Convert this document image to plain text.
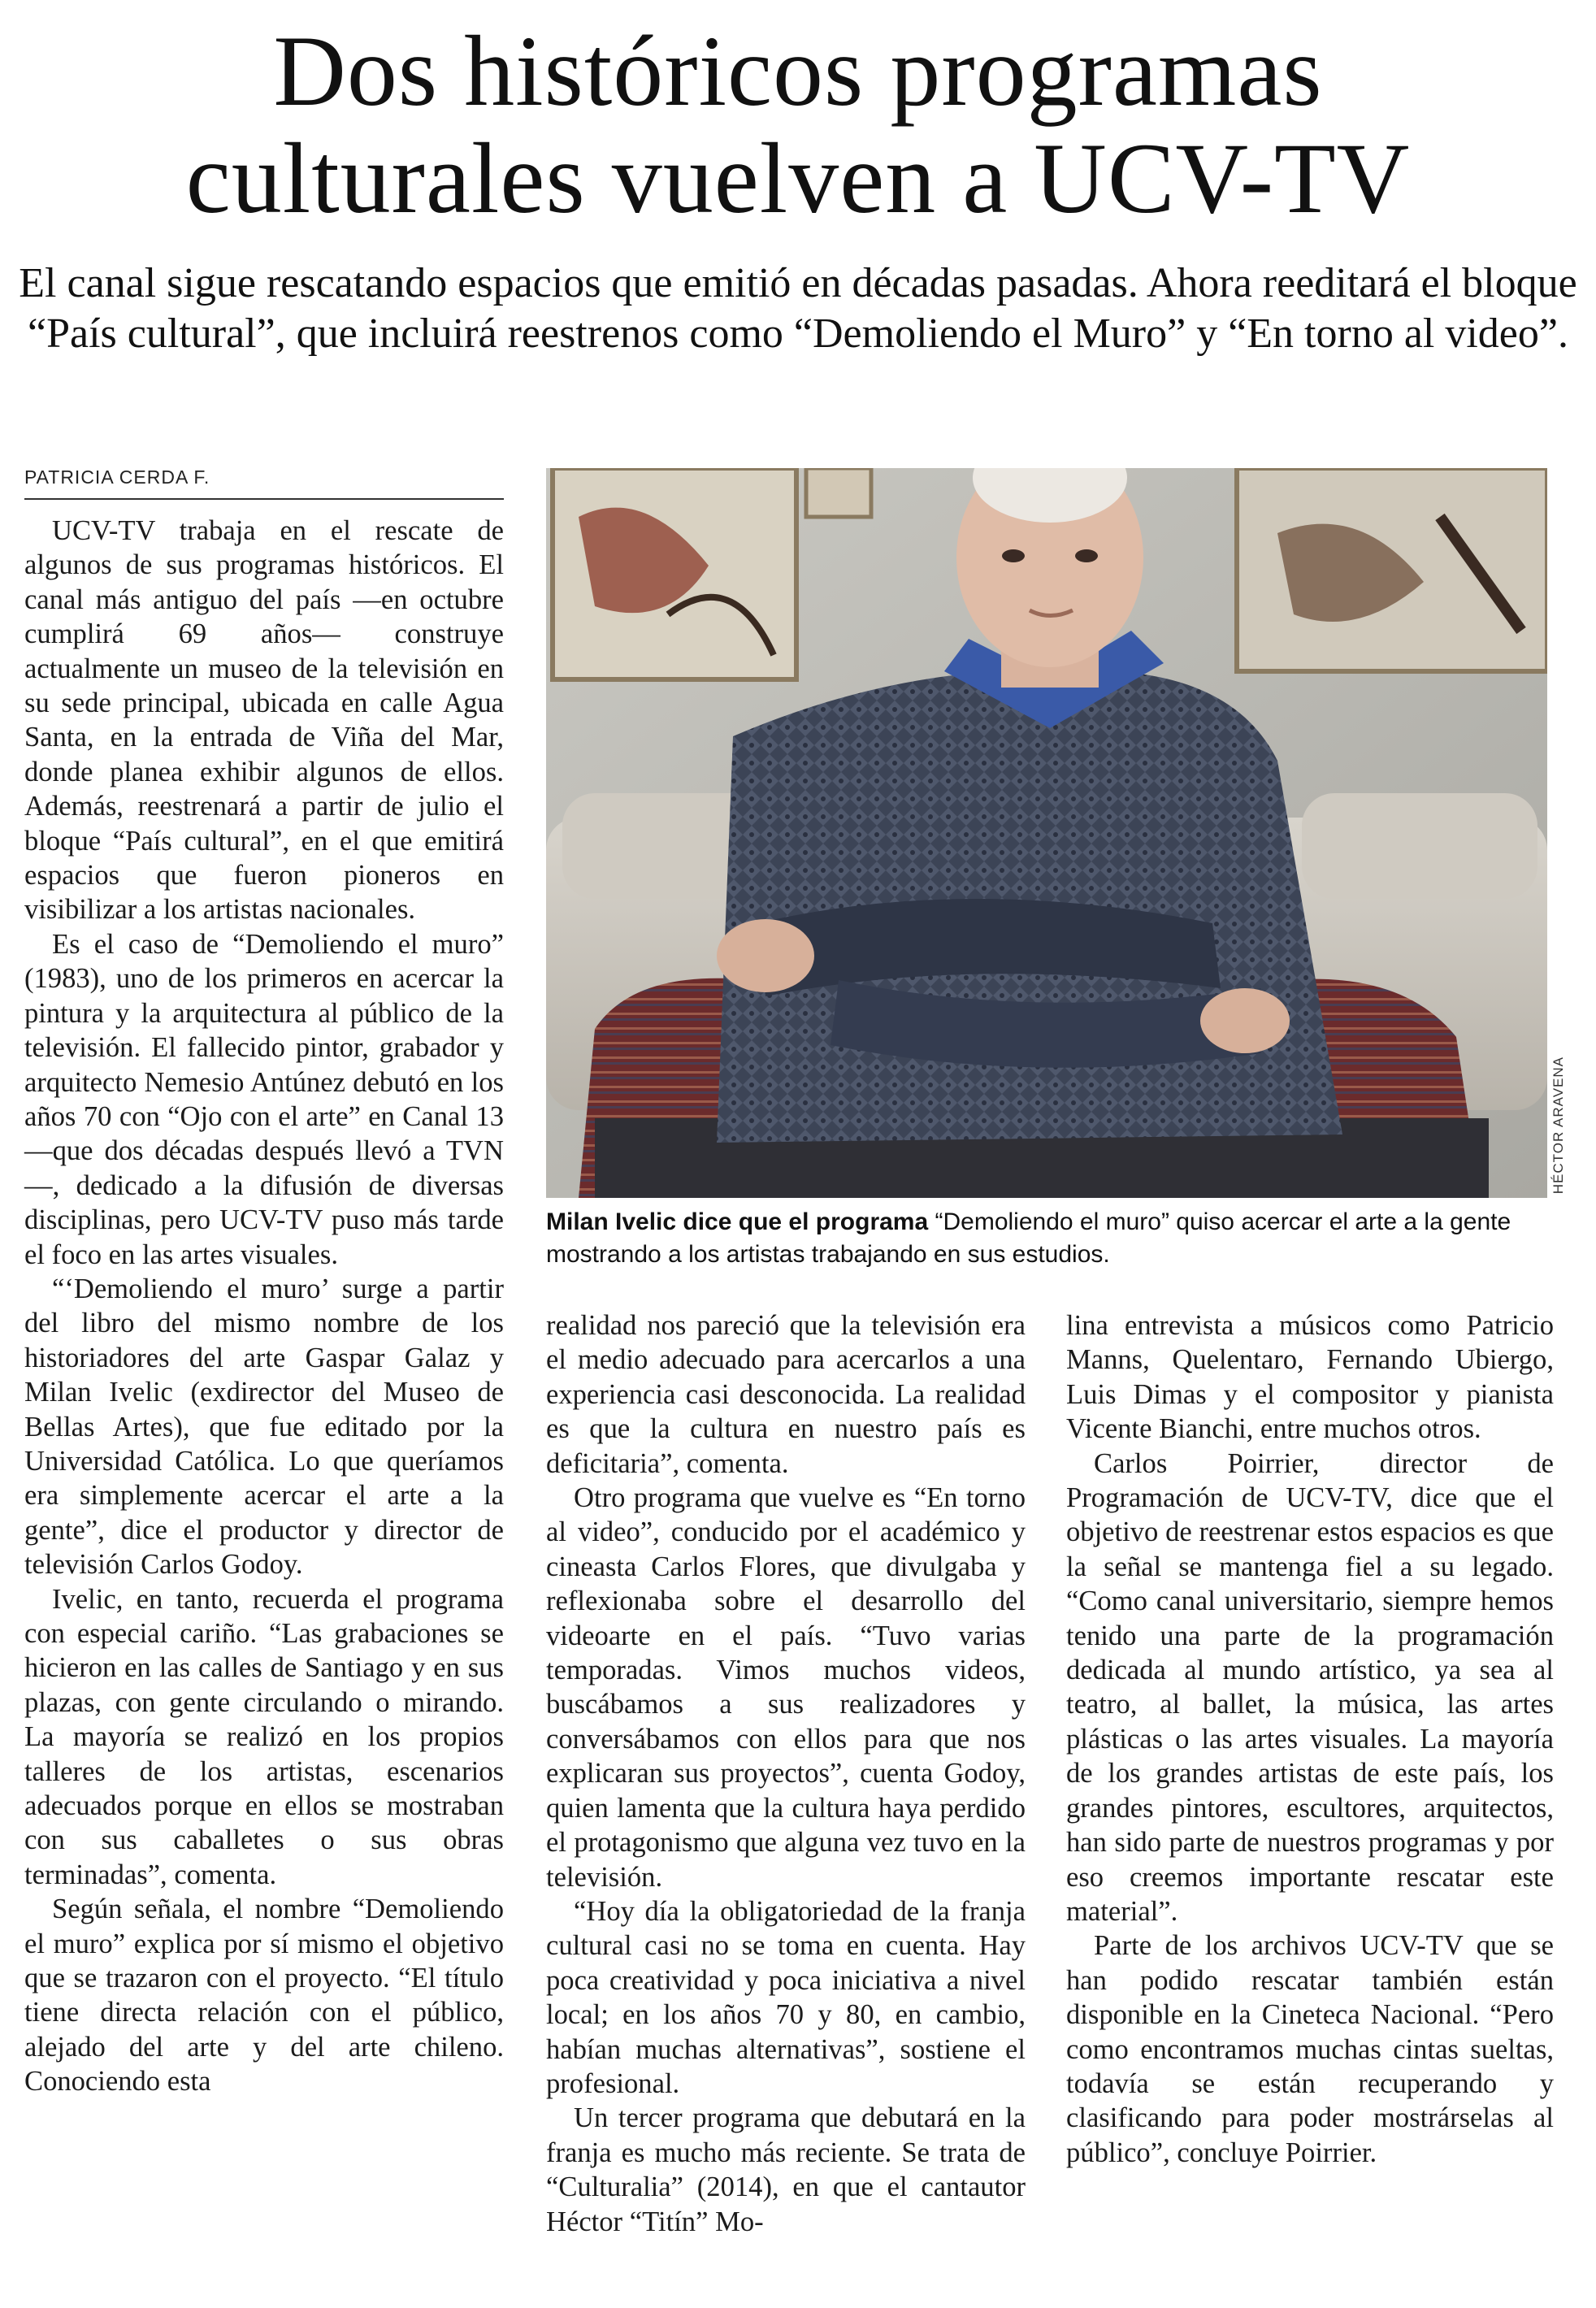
Dos históricos programas
culturales vuelven a UCV-TV

El canal sigue rescatando espacios que emitió en décadas pasadas. Ahora reeditará el bloque “País cultural”, que incluirá reestrenos como “Demoliendo el Muro” y “En torno al video”.

PATRICIA CERDA F.

UCV-TV trabaja en el rescate de algunos de sus programas históricos. El canal más antiguo del país —en octubre cumplirá 69 años— construye actualmente un museo de la televisión en su sede principal, ubicada en calle Agua Santa, en la entrada de Viña del Mar, donde planea exhibir algunos de ellos. Además, reestrenará a partir de julio el bloque “País cultural”, en el que emitirá espacios que fueron pioneros en visibilizar a los artistas nacionales.

Es el caso de “Demoliendo el muro” (1983), uno de los primeros en acercar la pintura y la arquitectura al público de la televisión. El fallecido pintor, grabador y arquitecto Nemesio Antúnez debutó en los años 70 con “Ojo con el arte” en Canal 13 —que dos décadas después llevó a TVN—, dedicado a la difusión de diversas disciplinas, pero UCV-TV puso más tarde el foco en las artes visuales.

“‘Demoliendo el muro’ surge a partir del libro del mismo nombre de los historiadores del arte Gaspar Galaz y Milan Ivelic (exdirector del Museo de Bellas Artes), que fue editado por la Universidad Católica. Lo que queríamos era simplemente acercar el arte a la gente”, dice el productor y director de televisión Carlos Godoy.

Ivelic, en tanto, recuerda el programa con especial cariño. “Las grabaciones se hicieron en las calles de Santiago y en sus plazas, con gente circulando o mirando. La mayoría se realizó en los propios talleres de los artistas, escenarios adecuados porque en ellos se mostraban con sus caballetes o sus obras terminadas”, comenta.

Según señala, el nombre “Demoliendo el muro” explica por sí mismo el objetivo que se trazaron con el proyecto. “El título tiene directa relación con el público, alejado del arte y del arte chileno. Conociendo esta

HÉCTOR ARAVENA
Milan Ivelic dice que el programa “Demoliendo el muro” quiso acercar el arte a la gente mostrando a los artistas trabajando en sus estudios.

realidad nos pareció que la televisión era el medio adecuado para acercarlos a una experiencia casi desconocida. La realidad es que la cultura en nuestro país es deficitaria”, comenta.

Otro programa que vuelve es “En torno al video”, conducido por el académico y cineasta Carlos Flores, que divulgaba y reflexionaba sobre el desarrollo del videoarte en el país. “Tuvo varias temporadas. Vimos muchos videos, buscábamos a sus realizadores y conversábamos con ellos para que nos explicaran sus proyectos”, cuenta Godoy, quien lamenta que la cultura haya perdido el protagonismo que alguna vez tuvo en la televisión.

“Hoy día la obligatoriedad de la franja cultural casi no se toma en cuenta. Hay poca creatividad y poca iniciativa a nivel local; en los años 70 y 80, en cambio, habían muchas alternativas”, sostiene el profesional.

Un tercer programa que debutará en la franja es mucho más reciente. Se trata de “Culturalia” (2014), en que el cantautor Héctor “Titín” Mo-

lina entrevista a músicos como Patricio Manns, Quelentaro, Fernando Ubiergo, Luis Dimas y el compositor y pianista Vicente Bianchi, entre muchos otros.

Carlos Poirrier, director de Programación de UCV-TV, dice que el objetivo de reestrenar estos espacios es que la señal se mantenga fiel a su legado. “Como canal universitario, siempre hemos tenido una parte de la programación dedicada al mundo artístico, ya sea al teatro, al ballet, la música, las artes plásticas o las artes visuales. La mayoría de los grandes artistas de este país, los grandes pintores, escultores, arquitectos, han sido parte de nuestros programas y por eso creemos importante rescatar este material”.

Parte de los archivos UCV-TV que se han podido rescatar también están disponible en la Cineteca Nacional. “Pero como encontramos muchas cintas sueltas, todavía se están recuperando y clasificando para poder mostrárselas al público”, concluye Poirrier.
